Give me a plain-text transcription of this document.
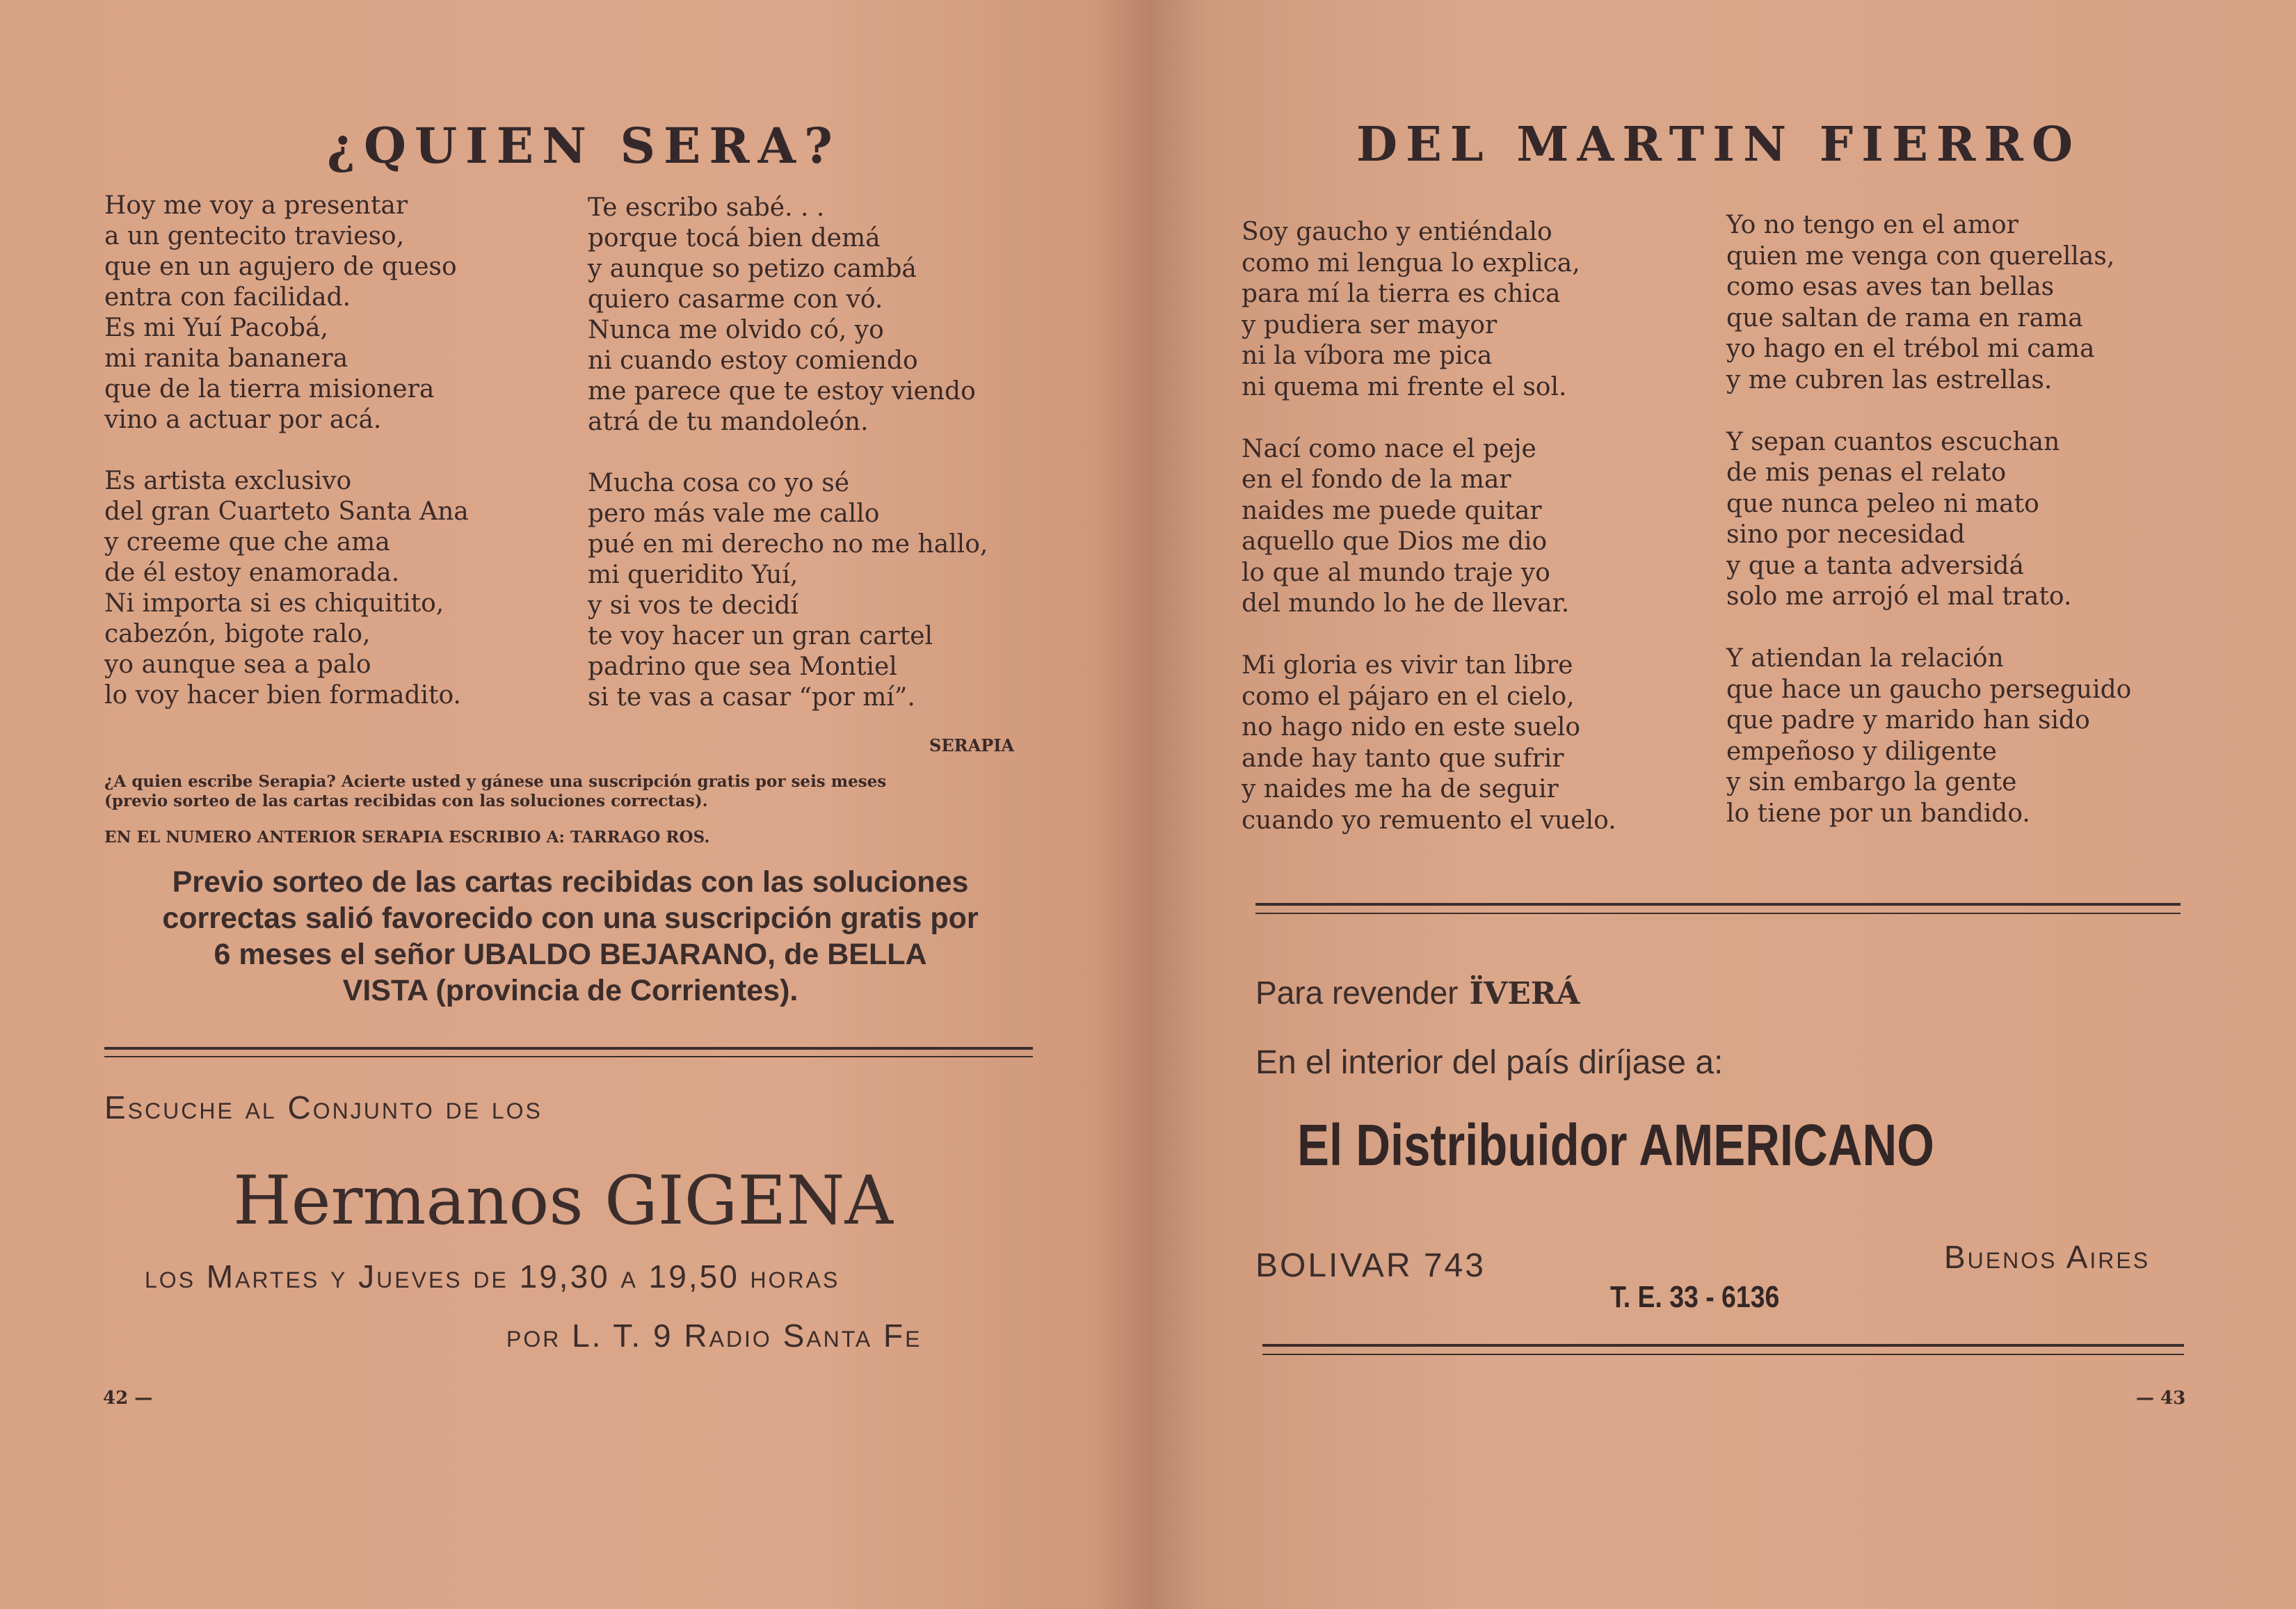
¿QUIEN SERA?
Hoy me voy a presentar
a un gentecito travieso,
que en un agujero de queso
entra con facilidad.
Es mi Yuí Pacobá,
mi ranita bananera
que de la tierra misionera
vino a actuar por acá.

Es artista exclusivo
del gran Cuarteto Santa Ana
y creeme que che ama
de él estoy enamorada.
Ni importa si es chiquitito,
cabezón, bigote ralo,
yo aunque sea a palo
lo voy hacer bien formadito.
Te escribo sabé. . .
porque tocá bien demá
y aunque so petizo cambá
quiero casarme con vó.
Nunca me olvido có, yo
ni cuando estoy comiendo
me parece que te estoy viendo
atrá de tu mandoleón.

Mucha cosa co yo sé
pero más vale me callo
pué en mi derecho no me hallo,
mi queridito Yuí,
y si vos te decidí
te voy hacer un gran cartel
padrino que sea Montiel
si te vas a casar “por mí”.
SERAPIA
¿A quien escribe Serapia? Acierte usted y gánese una suscripción gratis por seis meses
(previo sorteo de las cartas recibidas con las soluciones correctas).
EN EL NUMERO ANTERIOR SERAPIA ESCRIBIO A: TARRAGO ROS.
Previo sorteo de las cartas recibidas con las soluciones
correctas salió favorecido con una suscripción gratis por
6 meses el señor UBALDO BEJARANO, de BELLA
VISTA (provincia de Corrientes).
Escuche al Conjunto de los
Hermanos GIGENA
los Martes y Jueves de 19,30 a 19,50 horas
por L. T. 9 Radio Santa Fe
42 —
DEL MARTIN FIERRO
Soy gaucho y entiéndalo
como mi lengua lo explica,
para mí la tierra es chica
y pudiera ser mayor
ni la víbora me pica
ni quema mi frente el sol.

Nací como nace el peje
en el fondo de la mar
naides me puede quitar
aquello que Dios me dio
lo que al mundo traje yo
del mundo lo he de llevar.

Mi gloria es vivir tan libre
como el pájaro en el cielo,
no hago nido en este suelo
ande hay tanto que sufrir
y naides me ha de seguir
cuando yo remuento el vuelo.
Yo no tengo en el amor
quien me venga con querellas,
como esas aves tan bellas
que saltan de rama en rama
yo hago en el trébol mi cama
y me cubren las estrellas.

Y sepan cuantos escuchan
de mis penas el relato
que nunca peleo ni mato
sino por necesidad
y que a tanta adversidá
solo me arrojó el mal trato.

Y atiendan la relación
que hace un gaucho perseguido
que padre y marido han sido
empeñoso y diligente
y sin embargo la gente
lo tiene por un bandido.
Para revender ÏVERÁ
En el interior del país diríjase a:
El Distribuidor AMERICANO
BOLIVAR 743	Buenos Aires
T. E. 33 - 6136
— 43
